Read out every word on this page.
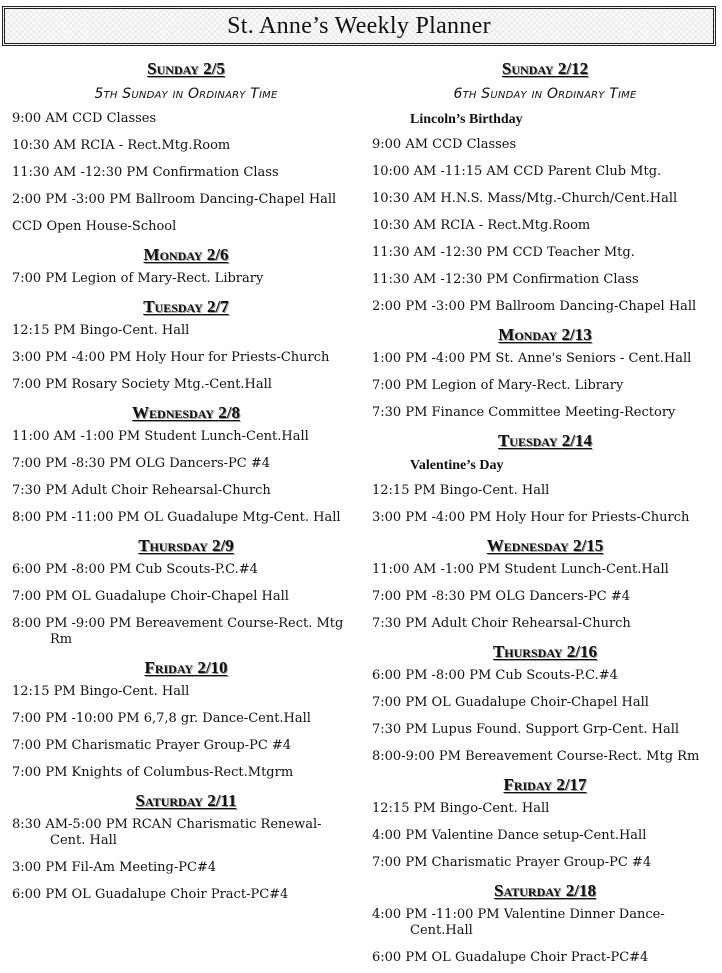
St. Anne’s Weekly Planner
Sunday 2/5
5th Sunday in Ordinary Time
9:00 AM CCD Classes
10:30 AM RCIA - Rect.Mtg.Room
11:30 AM -12:30 PM Confirmation Class
2:00 PM -3:00 PM Ballroom Dancing-Chapel Hall
CCD Open House-School
Monday 2/6
7:00 PM Legion of Mary-Rect. Library
Tuesday 2/7
12:15 PM Bingo-Cent. Hall
3:00 PM -4:00 PM Holy Hour for Priests-Church
7:00 PM Rosary Society Mtg.-Cent.Hall
Wednesday 2/8
11:00 AM -1:00 PM Student Lunch-Cent.Hall
7:00 PM -8:30 PM OLG Dancers-PC #4
7:30 PM Adult Choir Rehearsal-Church
8:00 PM -11:00 PM OL Guadalupe Mtg-Cent. Hall
Thursday 2/9
6:00 PM -8:00 PM Cub Scouts-P.C.#4
7:00 PM OL Guadalupe Choir-Chapel Hall
8:00 PM -9:00 PM Bereavement Course-Rect. Mtg

Rm
Friday 2/10
12:15 PM Bingo-Cent. Hall
7:00 PM -10:00 PM 6,7,8 gr. Dance-Cent.Hall
7:00 PM Charismatic Prayer Group-PC #4
7:00 PM Knights of Columbus-Rect.Mtgrm
Saturday 2/11
8:30 AM-5:00 PM RCAN Charismatic Renewal-

Cent. Hall
3:00 PM Fil-Am Meeting-PC#4
6:00 PM OL Guadalupe Choir Pract-PC#4
Sunday 2/12
6th Sunday in Ordinary Time
Lincoln’s Birthday
9:00 AM CCD Classes
10:00 AM -11:15 AM CCD Parent Club Mtg.
10:30 AM H.N.S. Mass/Mtg.-Church/Cent.Hall
10:30 AM RCIA - Rect.Mtg.Room
11:30 AM -12:30 PM CCD Teacher Mtg.
11:30 AM -12:30 PM Confirmation Class
2:00 PM -3:00 PM Ballroom Dancing-Chapel Hall
Monday 2/13
1:00 PM -4:00 PM St. Anne's Seniors - Cent.Hall
7:00 PM Legion of Mary-Rect. Library
7:30 PM Finance Committee Meeting-Rectory
Tuesday 2/14
Valentine’s Day
12:15 PM Bingo-Cent. Hall
3:00 PM -4:00 PM Holy Hour for Priests-Church
Wednesday 2/15
11:00 AM -1:00 PM Student Lunch-Cent.Hall
7:00 PM -8:30 PM OLG Dancers-PC #4
7:30 PM Adult Choir Rehearsal-Church
Thursday 2/16
6:00 PM -8:00 PM Cub Scouts-P.C.#4
7:00 PM OL Guadalupe Choir-Chapel Hall
7:30 PM Lupus Found. Support Grp-Cent. Hall
8:00-9:00 PM Bereavement Course-Rect. Mtg Rm
Friday 2/17
12:15 PM Bingo-Cent. Hall
4:00 PM Valentine Dance setup-Cent.Hall
7:00 PM Charismatic Prayer Group-PC #4
Saturday 2/18
4:00 PM -11:00 PM Valentine Dinner Dance-

Cent.Hall
6:00 PM OL Guadalupe Choir Pract-PC#4
